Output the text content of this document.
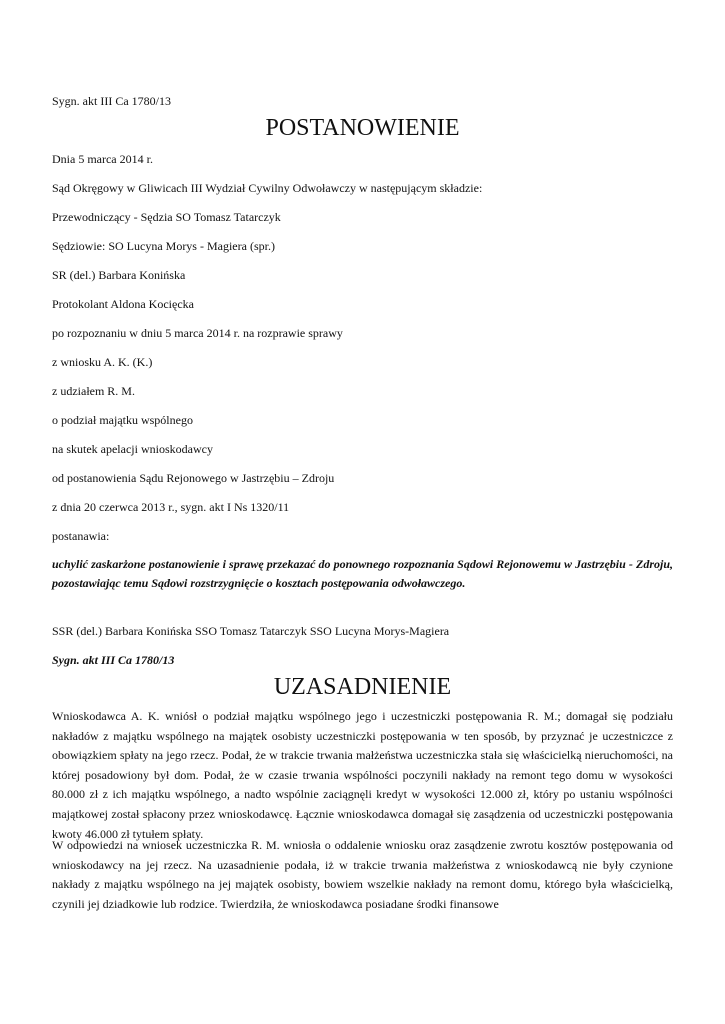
Sygn. akt III Ca 1780/13
POSTANOWIENIE
Dnia 5 marca 2014 r.
Sąd Okręgowy w Gliwicach III Wydział Cywilny Odwoławczy w następującym składzie:
Przewodniczący - Sędzia SO Tomasz Tatarczyk
Sędziowie: SO Lucyna Morys - Magiera (spr.)
SR (del.) Barbara Konińska
Protokolant Aldona Kocięcka
po rozpoznaniu w dniu 5 marca 2014 r. na rozprawie sprawy
z wniosku A. K. (K.)
z udziałem R. M.
o podział majątku wspólnego
na skutek apelacji wnioskodawcy
od postanowienia Sądu Rejonowego w Jastrzębiu – Zdroju
z dnia 20 czerwca 2013 r., sygn. akt I Ns 1320/11
postanawia:
uchylić zaskarżone postanowienie i sprawę przekazać do ponownego rozpoznania Sądowi Rejonowemu w Jastrzębiu - Zdroju, pozostawiając temu Sądowi rozstrzygnięcie o kosztach postępowania odwoławczego.
SSR (del.) Barbara Konińska SSO Tomasz Tatarczyk SSO Lucyna Morys-Magiera
Sygn. akt III Ca 1780/13
UZASADNIENIE
Wnioskodawca A. K. wniósł o podział majątku wspólnego jego i uczestniczki postępowania R. M.; domagał się podziału nakładów z majątku wspólnego na majątek osobisty uczestniczki postępowania w ten sposób, by przyznać je uczestniczce z obowiązkiem spłaty na jego rzecz. Podał, że w trakcie trwania małżeństwa uczestniczka stała się właścicielką nieruchomości, na której posadowiony był dom. Podał, że w czasie trwania wspólności poczynili nakłady na remont tego domu w wysokości 80.000 zł z ich majątku wspólnego, a nadto wspólnie zaciągnęli kredyt w wysokości 12.000 zł, który po ustaniu wspólności majątkowej został spłacony przez wnioskodawcę. Łącznie wnioskodawca domagał się zasądzenia od uczestniczki postępowania kwoty 46.000 zł tytułem spłaty.
W odpowiedzi na wniosek uczestniczka R. M. wniosła o oddalenie wniosku oraz zasądzenie zwrotu kosztów postępowania od wnioskodawcy na jej rzecz. Na uzasadnienie podała, iż w trakcie trwania małżeństwa z wnioskodawcą nie były czynione nakłady z majątku wspólnego na jej majątek osobisty, bowiem wszelkie nakłady na remont domu, którego była właścicielką, czynili jej dziadkowie lub rodzice. Twierdziła, że wnioskodawca posiadane środki finansowe
